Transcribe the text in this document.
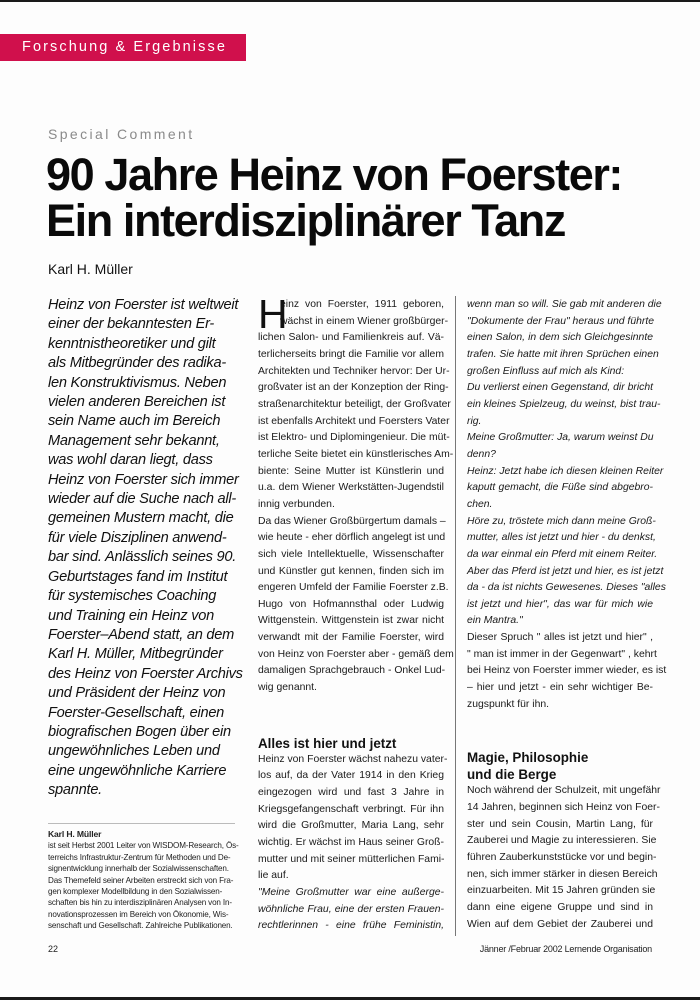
Forschung & Ergebnisse
Special Comment
90 Jahre Heinz von Foerster:
Ein interdisziplinärer Tanz
Karl H. Müller
Heinz von Foerster ist weltweit
einer der bekanntesten Er-
kenntnistheoretiker und gilt
als Mitbegründer des radika-
len Konstruktivismus. Neben
vielen anderen Bereichen ist
sein Name auch im Bereich
Management sehr bekannt,
was wohl daran liegt, dass
Heinz von Foerster sich immer
wieder auf die Suche nach all-
gemeinen Mustern macht, die
für viele Disziplinen anwend-
bar sind. Anlässlich seines 90.
Geburtstages fand im Institut
für systemisches Coaching
und Training ein Heinz von
Foerster–Abend statt, an dem
Karl H. Müller, Mitbegründer
des Heinz von Foerster Archivs
und Präsident der Heinz von
Foerster-Gesellschaft, einen
biografischen Bogen über ein
ungewöhnliches Leben und
eine ungewöhnliche Karriere
spannte.
Karl H. Müller
ist seit Herbst 2001 Leiter von WISDOM-Research, Ös-
terreichs Infrastruktur-Zentrum für Methoden und De-
signentwicklung innerhalb der Sozialwissenschaften.
Das Themefeld seiner Arbeiten erstreckt sich von Fra-
gen komplexer Modellbildung in den Sozialwissen-
schaften bis hin zu interdisziplinären Analysen von In-
novationsprozessen im Bereich von Ökonomie, Wis-
senschaft und Gesellschaft. Zahlreiche Publikationen.
H
einz von Foerster, 1911 geboren,
wächst in einem Wiener großbürger-
lichen Salon- und Familienkreis auf. Vä-
terlicherseits bringt die Familie vor allem
Architekten und Techniker hervor: Der Ur-
großvater ist an der Konzeption der Ring-
straßenarchitektur beteiligt, der Großvater
ist ebenfalls Architekt und Foersters Vater
ist Elektro- und Diplomingenieur. Die müt-
terliche Seite bietet ein künstlerisches Am-
biente: Seine Mutter ist Künstlerin und
u.a. dem Wiener Werkstätten-Jugendstil
innig verbunden.
Da das Wiener Großbürgertum damals –
wie heute - eher dörflich angelegt ist und
sich viele Intellektuelle, Wissenschafter
und Künstler gut kennen, finden sich im
engeren Umfeld der Familie Foerster z.B.
Hugo von Hofmannsthal oder Ludwig
Wittgenstein. Wittgenstein ist zwar nicht
verwandt mit der Familie Foerster, wird
von Heinz von Foerster aber - gemäß dem
damaligen Sprachgebrauch - Onkel Lud-
wig genannt.
Alles ist hier und jetzt
Heinz von Foerster wächst nahezu vater-
los auf, da der Vater 1914 in den Krieg
eingezogen wird und fast 3 Jahre in
Kriegsgefangenschaft verbringt. Für ihn
wird die Großmutter, Maria Lang, sehr
wichtig. Er wächst im Haus seiner Groß-
mutter und mit seiner mütterlichen Fami-
lie auf.
"Meine Großmutter war eine außerge-
wöhnliche Frau, eine der ersten Frauen-
rechtlerinnen - eine frühe Feministin,
wenn man so will. Sie gab mit anderen die
"Dokumente der Frau" heraus und führte
einen Salon, in dem sich Gleichgesinnte
trafen. Sie hatte mit ihren Sprüchen einen
großen Einfluss auf mich als Kind:
Du verlierst einen Gegenstand, dir bricht
ein kleines Spielzeug, du weinst, bist trau-
rig.
Meine Großmutter: Ja, warum weinst Du
denn?
Heinz: Jetzt habe ich diesen kleinen Reiter
kaputt gemacht, die Füße sind abgebro-
chen.
Höre zu, tröstete mich dann meine Groß-
mutter, alles ist jetzt und hier - du denkst,
da war einmal ein Pferd mit einem Reiter.
Aber das Pferd ist jetzt und hier, es ist jetzt
da - da ist nichts Gewesenes. Dieses "alles
ist jetzt und hier", das war für mich wie
ein Mantra."
Dieser Spruch " alles ist jetzt und hier" ,
" man ist immer in der Gegenwart" , kehrt
bei Heinz von Foerster immer wieder, es ist
– hier und jetzt - ein sehr wichtiger Be-
zugspunkt für ihn.
Magie, Philosophie
und die Berge
Noch während der Schulzeit, mit ungefähr
14 Jahren, beginnen sich Heinz von Foer-
ster und sein Cousin, Martin Lang, für
Zauberei und Magie zu interessieren. Sie
führen Zauberkunststücke vor und begin-
nen, sich immer stärker in diesen Bereich
einzuarbeiten. Mit 15 Jahren gründen sie
dann eine eigene Gruppe und sind in
Wien auf dem Gebiet der Zauberei und
22	Jänner /Februar 2002 Lernende Organisation
